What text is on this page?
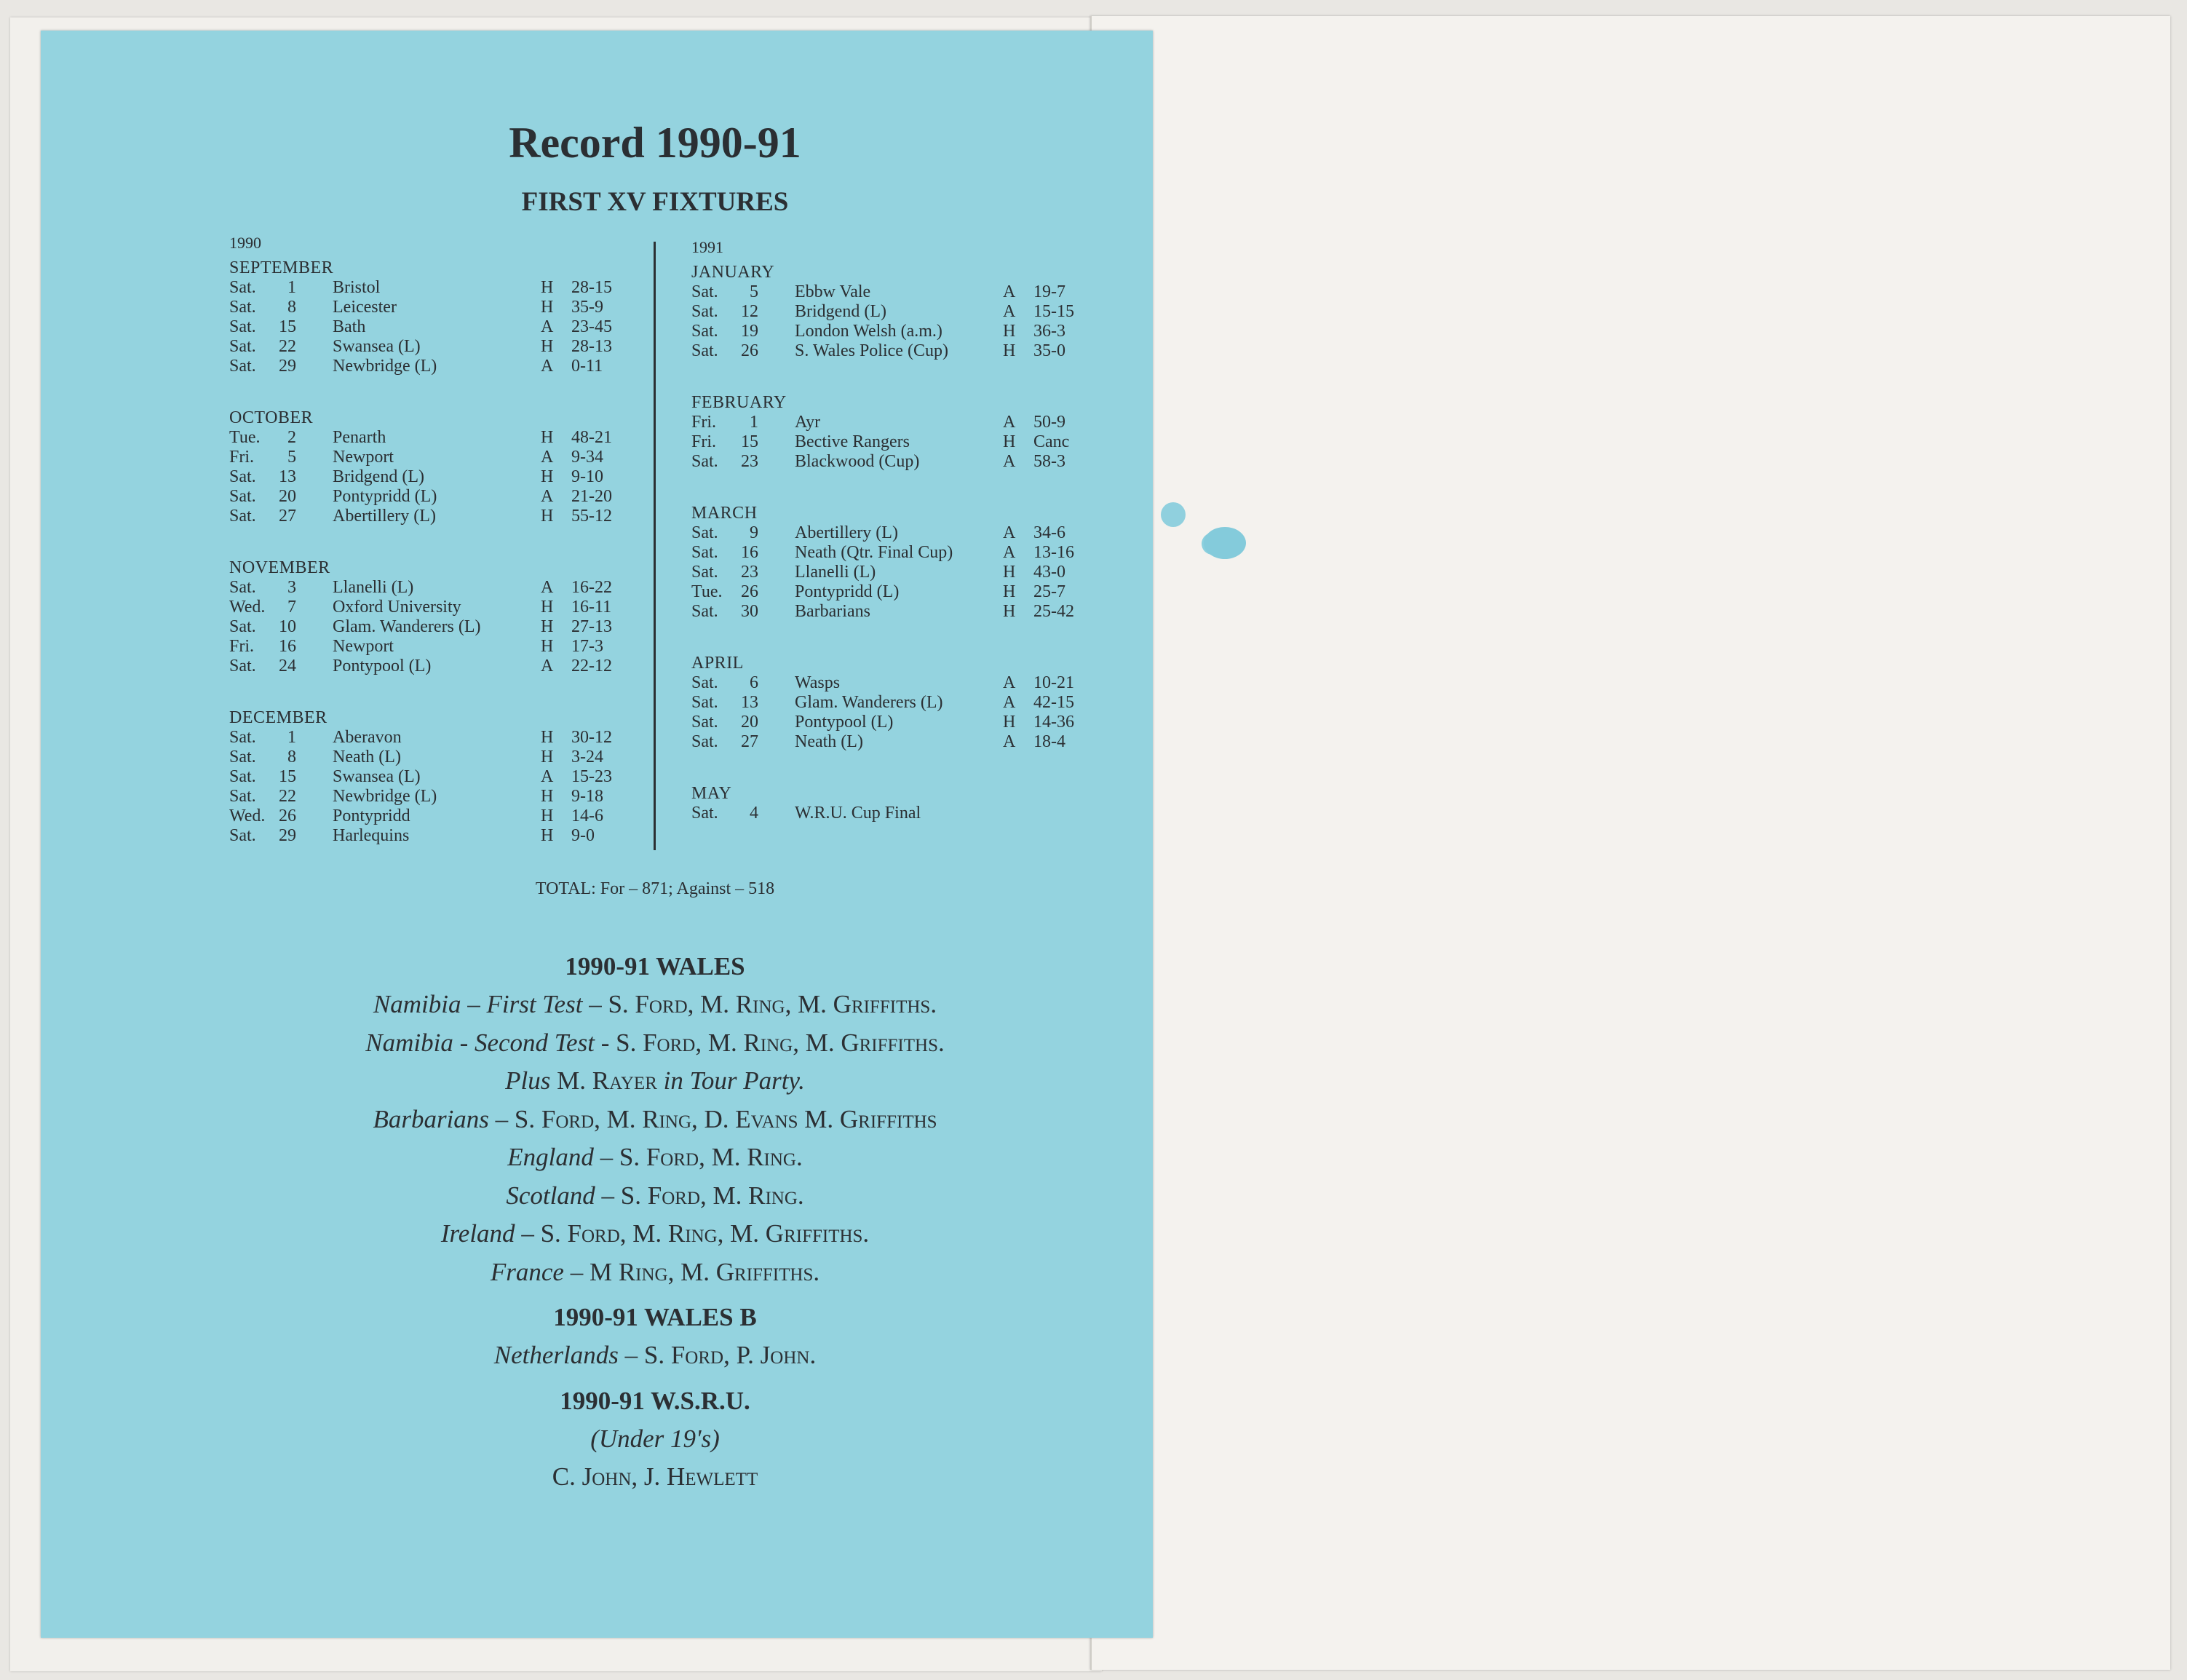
Record 1990-91
FIRST XV FIXTURES
1990
SEPTEMBER
Sat.	1 Bristol	H 28-15
Sat.	8 Leicester	H 35-9
Sat. 15 Bath	A 23-45
Sat. 22 Swansea (L)	H 28-13
Sat. 29 Newbridge (L)	A 0-11
OCTOBER
Tue.	2 Penarth	H 48-21
Fri.	5 Newport	A 9-34
Sat. 13 Bridgend (L)	H 9-10
Sat. 20 Pontypridd (L)	A 21-20
Sat. 27 Abertillery (L)	H 55-12
NOVEMBER
Sat.	3 Llanelli (L)	A 16-22
Wed.	7 Oxford University	H 16-11
Sat. 10 Glam. Wanderers (L)	H 27-13
Fri. 16 Newport	H 17-3
Sat. 24 Pontypool (L)	A 22-12
DECEMBER
Sat.	1 Aberavon	H 30-12
Sat.	8 Neath (L)	H 3-24
Sat. 15 Swansea (L)	A 15-23
Sat. 22 Newbridge (L)	H 9-18
Wed. 26 Pontypridd	H 14-6
Sat. 29 Harlequins	H 9-0
1991
JANUARY
Sat.	5 Ebbw Vale	A 19-7
Sat. 12 Bridgend (L)	A 15-15
Sat. 19 London Welsh (a.m.)	H 36-3
Sat. 26 S. Wales Police (Cup)	H 35-0
FEBRUARY
Fri.	1 Ayr	A 50-9
Fri. 15 Bective Rangers	H Canc
Sat. 23 Blackwood (Cup)	A 58-3
MARCH
Sat.	9 Abertillery (L)	A 34-6
Sat. 16 Neath (Qtr. Final Cup)	A 13-16
Sat. 23 Llanelli (L)	H 43-0
Tue. 26 Pontypridd (L)	H 25-7
Sat. 30 Barbarians	H 25-42
APRIL
Sat.	6 Wasps	A 10-21
Sat. 13 Glam. Wanderers (L)	A 42-15
Sat. 20 Pontypool (L)	H 14-36
Sat. 27 Neath (L)	A 18-4
MAY
Sat.	4 W.R.U. Cup Final
TOTAL: For – 871; Against – 518
1990-91 WALES
Namibia – First Test – S. Ford, M. Ring, M. Griffiths.
Namibia - Second Test - S. Ford, M. Ring, M. Griffiths.
Plus M. Rayer in Tour Party.
Barbarians – S. Ford, M. Ring, D. Evans M. Griffiths
England – S. Ford, M. Ring.
Scotland – S. Ford, M. Ring.
Ireland – S. Ford, M. Ring, M. Griffiths.
France – M Ring, M. Griffiths.
1990-91 WALES B
Netherlands – S. Ford, P. John.
1990-91 W.S.R.U.
(Under 19's)
C. John, J. Hewlett
